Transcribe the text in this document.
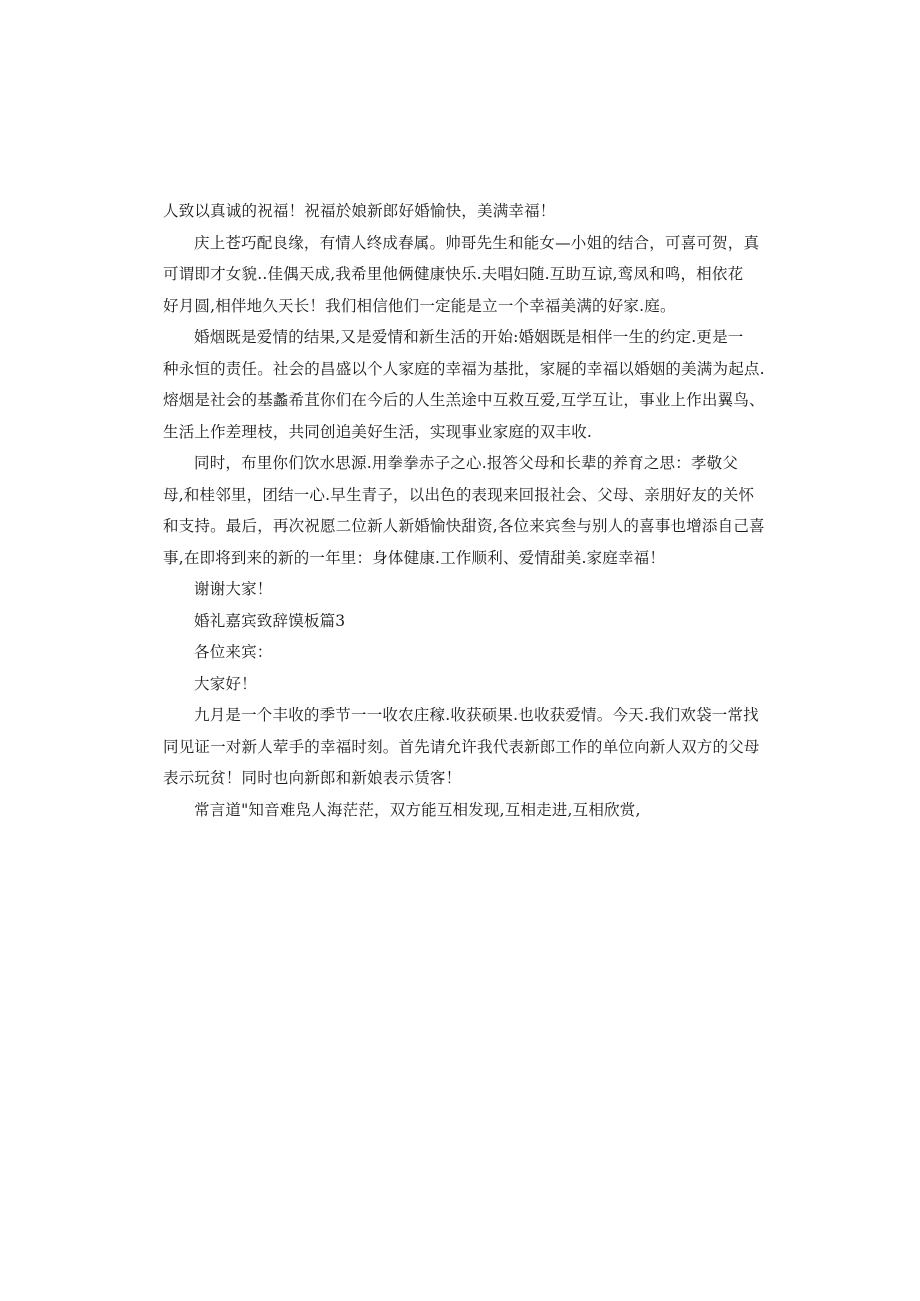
人致以真诚的祝福！祝福於娘新郎好婚愉快，美满幸福！
庆上苍巧配良缘，有情人终成春属。帅哥先生和能女—小姐的结合，可喜可贺，真
可谓即才女貌..佳偶天成,我希里他俩健康快乐.夫唱妇随.互助互谅,鸾凤和鸣，相依花
好月圆,相伴地久天长！我们相信他们一定能是立一个幸福美满的好家.庭。
婚烟既是爱情的结果,又是爱情和新生活的开始:婚姻既是相伴一生的约定.更是一
种永恒的责任。社会的昌盛以个人家庭的幸福为基批，家屣的幸福以婚姻的美满为起点.
熔烟是社会的基蠡希苴你们在今后的人生羔途中互救互爱,互学互让，事业上作出翼鸟、
生活上作差理枝，共同创追美好生活，实现事业家庭的双丰收.
同时，布里你们饮水思源.用拳拳赤子之心.报答父母和长辈的养育之思：孝敬父
母,和桂邻里，团结一心.早生青子，以出色的表现来回报社会、父母、亲朋好友的关怀
和支持。最后，再次祝愿二位新人新婚愉快甜资,各位来宾叁与别人的喜事也增添自己喜
事,在即将到来的新的一年里：身体健康.工作顺利、爱情甜美.家庭幸福！
谢谢大家！
婚礼嘉宾致辞馍板篇3
各位来宾：
大家好！
九月是一个丰收的季节一一收农庄稼.收获硕果.也收获爱情。今天.我们欢袋一常找
同见证一对新人荤手的幸福时刻。首先请允许我代表新郎工作的单位向新人双方的父母
表示玩贫！同时也向新郎和新娘表示赁客！
常言道"知音难凫人海茫茫，双方能互相发现,互相走进,互相欣赏,
